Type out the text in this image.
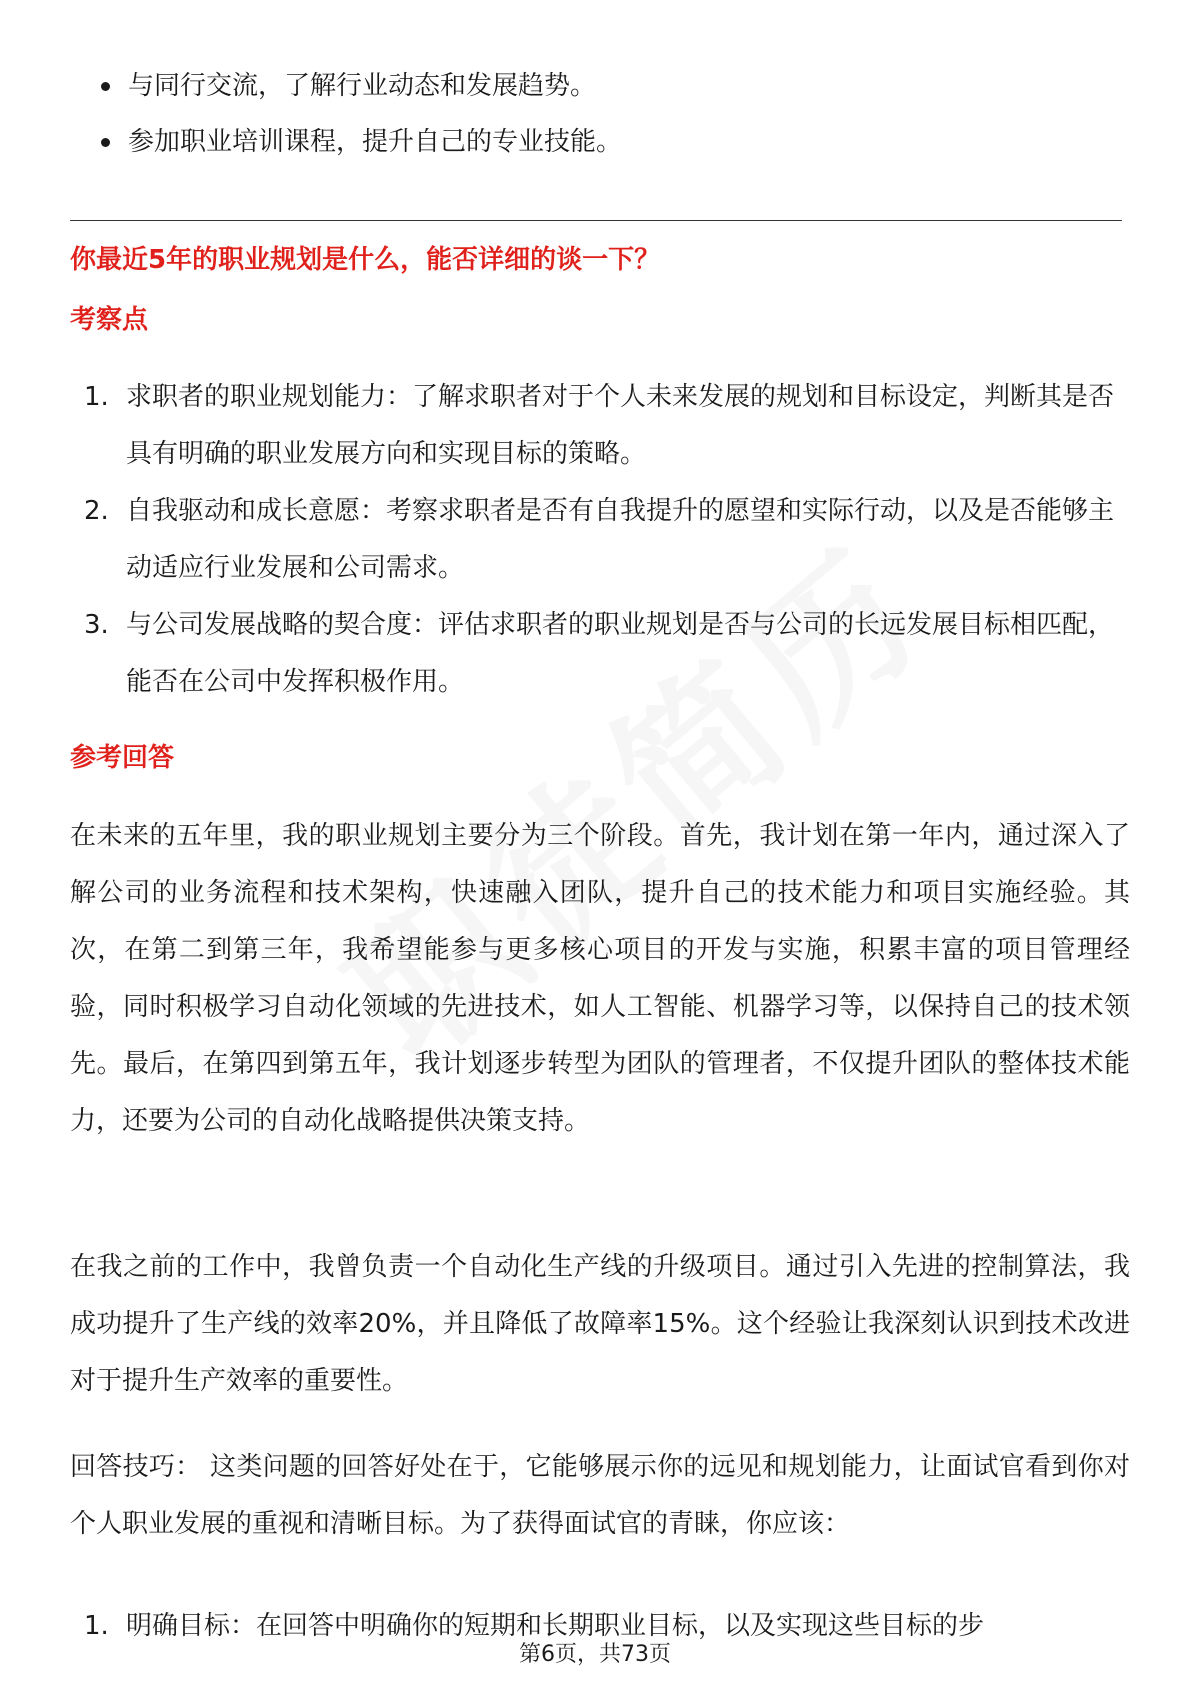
与同行交流，了解行业动态和发展趋势。
参加职业培训课程，提升自己的专业技能。
你最近5年的职业规划是什么，能否详细的谈一下？
考察点
1. 求职者的职业规划能力：了解求职者对于个人未来发展的规划和目标设定，判断其是否具有明确的职业发展方向和实现目标的策略。
2. 自我驱动和成长意愿：考察求职者是否有自我提升的愿望和实际行动，以及是否能够主动适应行业发展和公司需求。
3. 与公司发展战略的契合度：评估求职者的职业规划是否与公司的长远发展目标相匹配，能否在公司中发挥积极作用。
参考回答

在未来的五年里，我的职业规划主要分为三个阶段。首先，我计划在第一年内，通过深入了解公司的业务流程和技术架构，快速融入团队，提升自己的技术能力和项目实施经验。其次，在第二到第三年，我希望能参与更多核心项目的开发与实施，积累丰富的项目管理经验，同时积极学习自动化领域的先进技术，如人工智能、机器学习等，以保持自己的技术领先。最后，在第四到第五年，我计划逐步转型为团队的管理者，不仅提升团队的整体技术能力，还要为公司的自动化战略提供决策支持。

在我之前的工作中，我曾负责一个自动化生产线的升级项目。通过引入先进的控制算法，我成功提升了生产线的效率20%，并且降低了故障率15%。这个经验让我深刻认识到技术改进对于提升生产效率的重要性。

回答技巧： 这类问题的回答好处在于，它能够展示你的远见和规划能力，让面试官看到你对个人职业发展的重视和清晰目标。为了获得面试官的青睐，你应该：

1. 明确目标：在回答中明确你的短期和长期职业目标，以及实现这些目标的步
第6页，共73页
